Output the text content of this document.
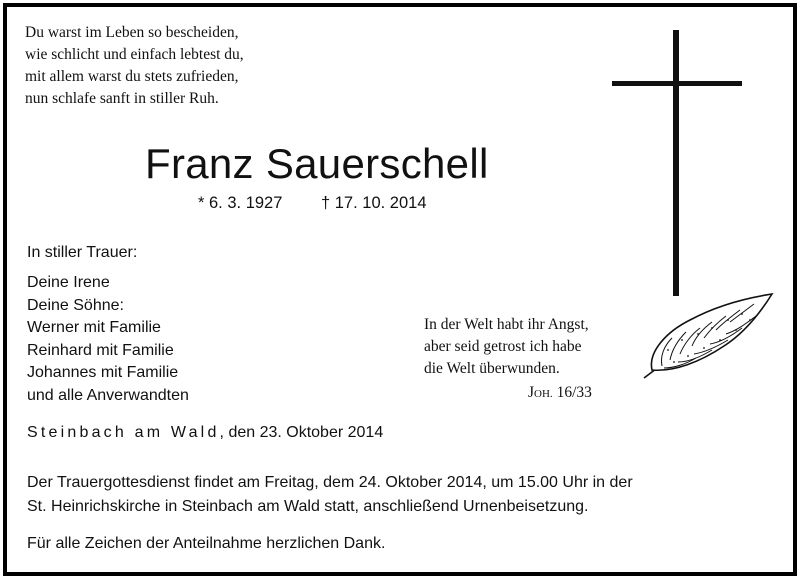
Du warst im Leben so bescheiden,
wie schlicht und einfach lebtest du,
mit allem warst du stets zufrieden,
nun schlafe sanft in stiller Ruh.
Franz Sauerschell
* 6. 3. 1927 † 17. 10. 2014
In stiller Trauer:
Deine Irene
Deine Söhne:
Werner mit Familie
Reinhard mit Familie
Johannes mit Familie
und alle Anverwandten
In der Welt habt ihr Angst,
aber seid getrost ich habe
die Welt überwunden.
JOH. 16/33
Steinbach am Wald, den 23. Oktober 2014
Der Trauergottesdienst findet am Freitag, dem 24. Oktober 2014, um 15.00 Uhr in der
St. Heinrichskirche in Steinbach am Wald statt, anschließend Urnenbeisetzung.
Für alle Zeichen der Anteilnahme herzlichen Dank.
